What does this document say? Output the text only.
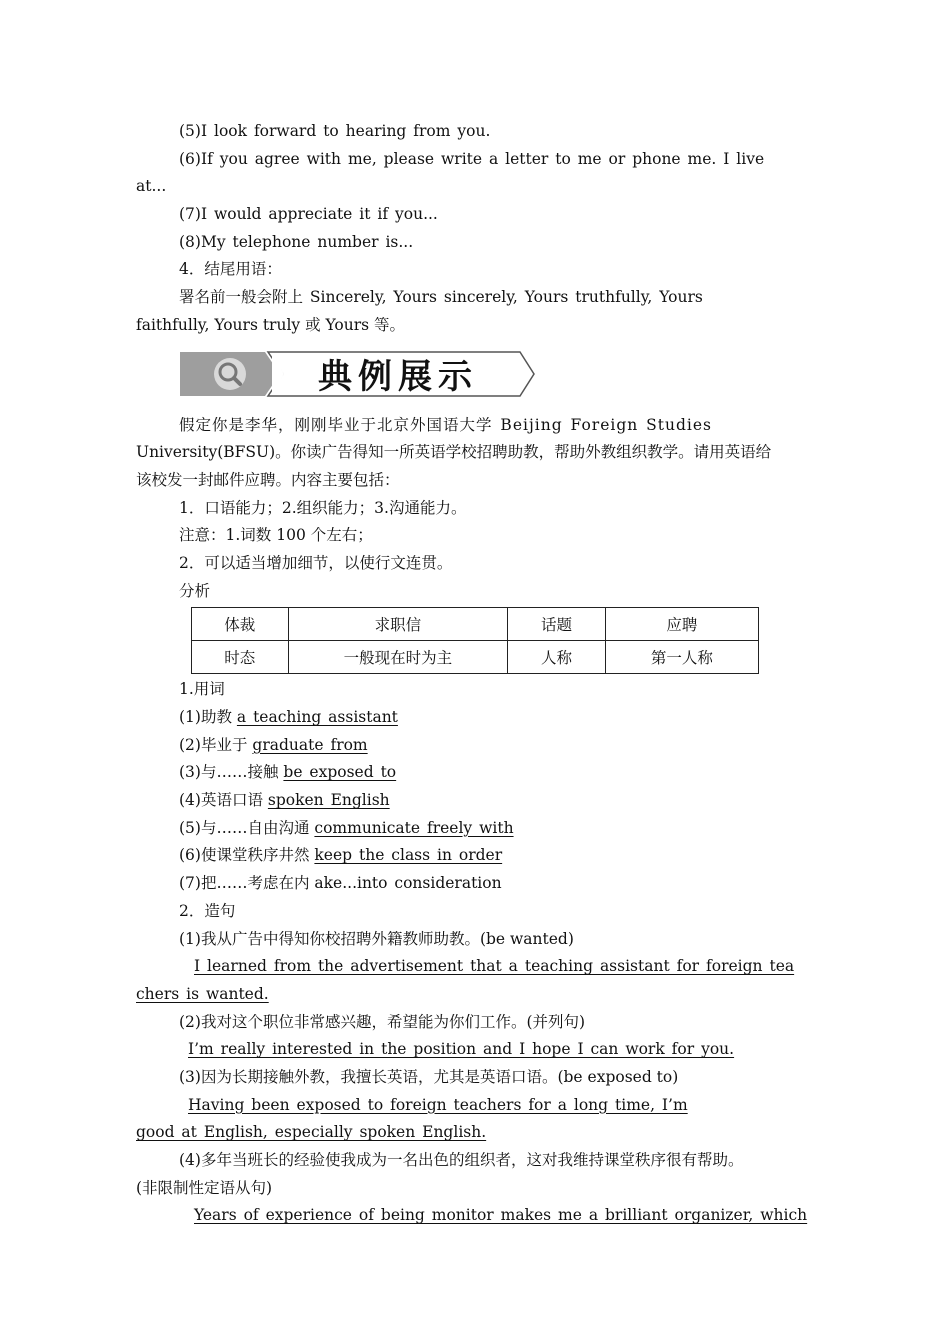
(5)I look forward to hearing from you.
(6)If you agree with me, please write a letter to me or phone me. I live
at...
(7)I would appreciate it if you...
(8)My telephone number is...
4．结尾用语：
署名前一般会附上 Sincerely, Yours sincerely, Yours truthfully, Yours
faithfully, Yours truly 或 Yours 等。
典例展示
假定你是李华，刚刚毕业于北京外国语大学 Beijing Foreign Studies
University(BFSU)。你读广告得知一所英语学校招聘助教，帮助外教组织教学。请用英语给
该校发一封邮件应聘。内容主要包括：
1．口语能力；2.组织能力；3.沟通能力。
注意：1.词数 100 个左右；
2．可以适当增加细节，以使行文连贯。
分析
体裁	求职信	话题	应聘
时态	一般现在时为主	人称	第一人称
1.用词
(1)助教 a teaching assistant
(2)毕业于 graduate from
(3)与……接触 be exposed to
(4)英语口语 spoken English
(5)与……自由沟通 communicate freely with
(6)使课堂秩序井然 keep the class in order
(7)把……考虑在内 ake...into consideration
2．造句
(1)我从广告中得知你校招聘外籍教师助教。(be wanted)
I learned from the advertisement that a teaching assistant for foreign tea
chers is wanted.
(2)我对这个职位非常感兴趣，希望能为你们工作。(并列句)
I’m really interested in the position and I hope I can work for you.
(3)因为长期接触外教，我擅长英语，尤其是英语口语。(be exposed to)
Having been exposed to foreign teachers for a long time, I’m
good at English, especially spoken English.
(4)多年当班长的经验使我成为一名出色的组织者，这对我维持课堂秩序很有帮助。
(非限制性定语从句)
Years of experience of being monitor makes me a brilliant organizer, which
